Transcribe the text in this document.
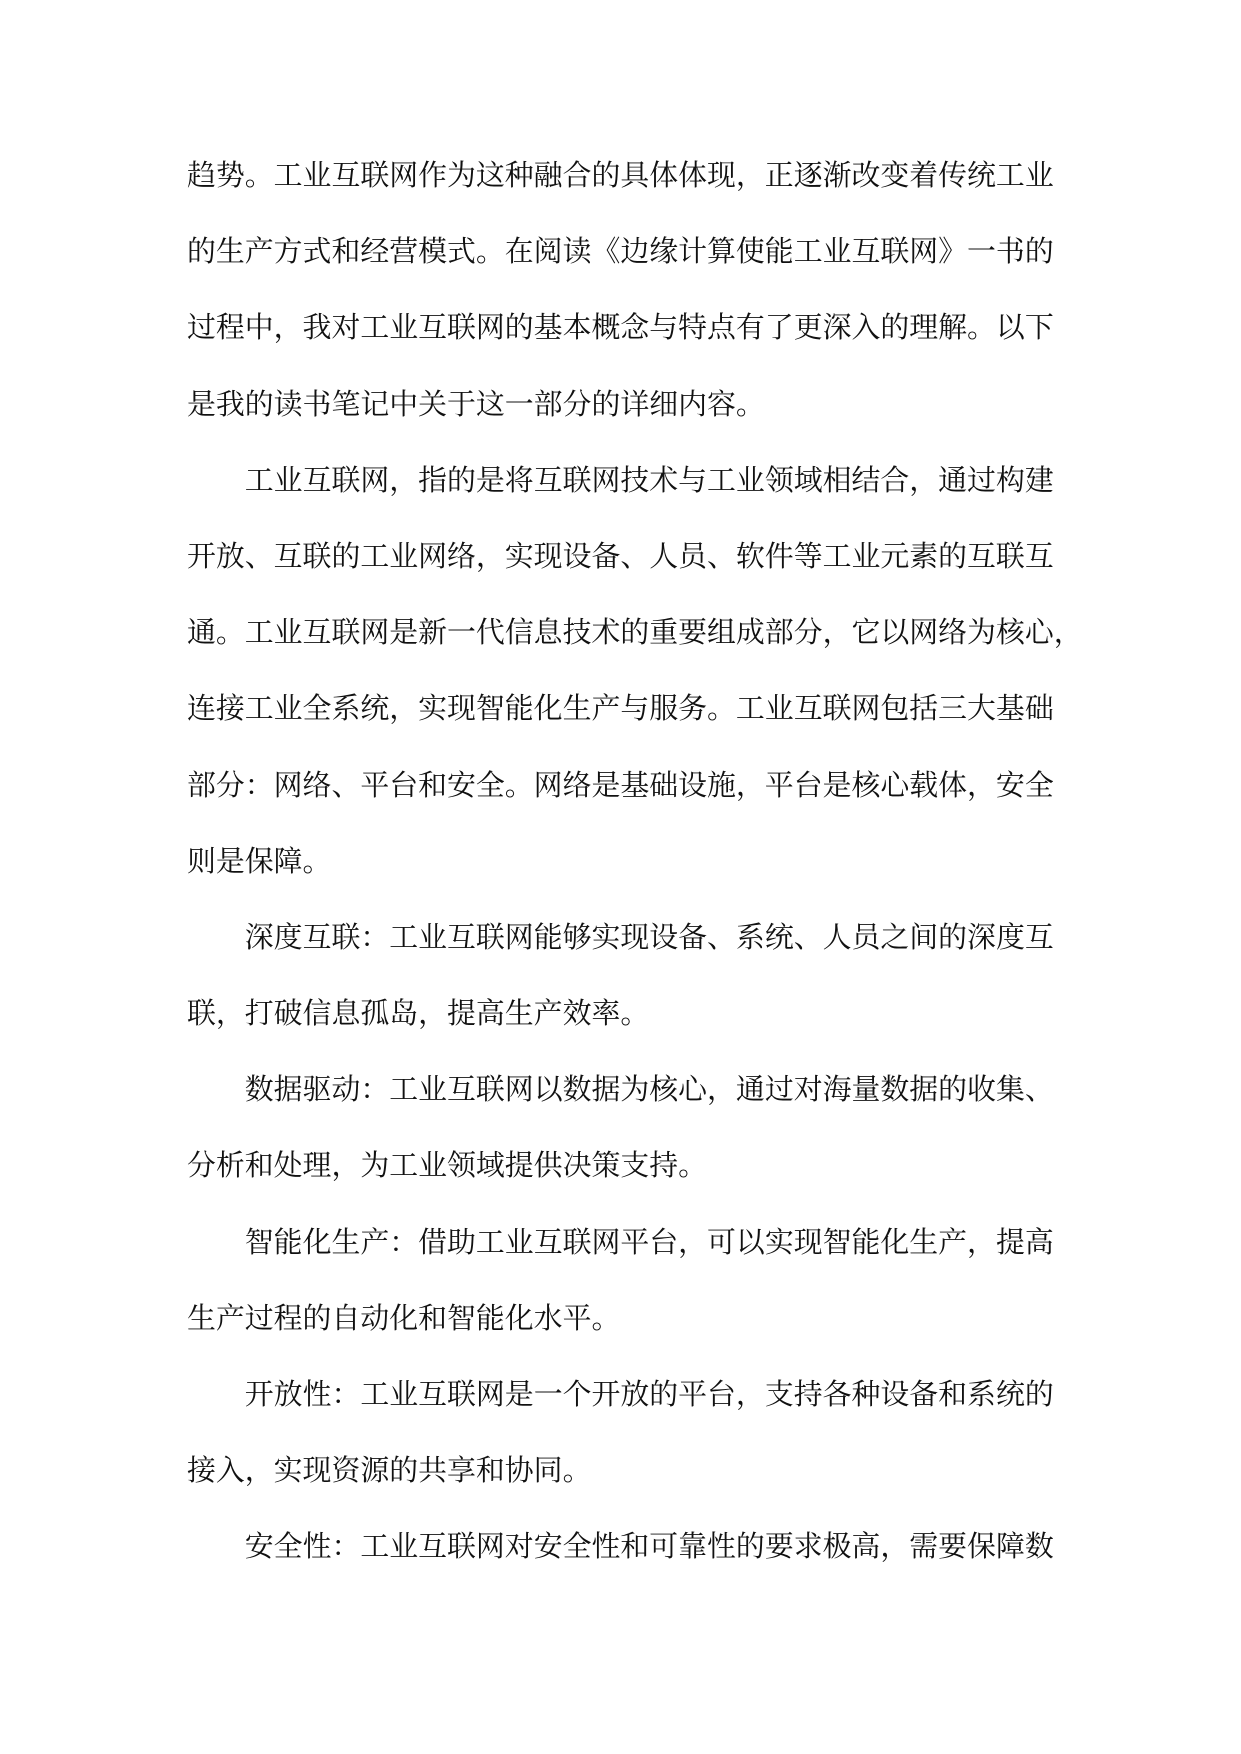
趋势。工业互联网作为这种融合的具体体现，正逐渐改变着传统工业
的生产方式和经营模式。在阅读《边缘计算使能工业互联网》一书的
过程中，我对工业互联网的基本概念与特点有了更深入的理解。以下
是我的读书笔记中关于这一部分的详细内容。
工业互联网，指的是将互联网技术与工业领域相结合，通过构建
开放、互联的工业网络，实现设备、人员、软件等工业元素的互联互
通。工业互联网是新一代信息技术的重要组成部分，它以网络为核心，
连接工业全系统，实现智能化生产与服务。工业互联网包括三大基础
部分：网络、平台和安全。网络是基础设施，平台是核心载体，安全
则是保障。
深度互联：工业互联网能够实现设备、系统、人员之间的深度互
联，打破信息孤岛，提高生产效率。
数据驱动：工业互联网以数据为核心，通过对海量数据的收集、
分析和处理，为工业领域提供决策支持。
智能化生产：借助工业互联网平台，可以实现智能化生产，提高
生产过程的自动化和智能化水平。
开放性：工业互联网是一个开放的平台，支持各种设备和系统的
接入，实现资源的共享和协同。
安全性：工业互联网对安全性和可靠性的要求极高，需要保障数
